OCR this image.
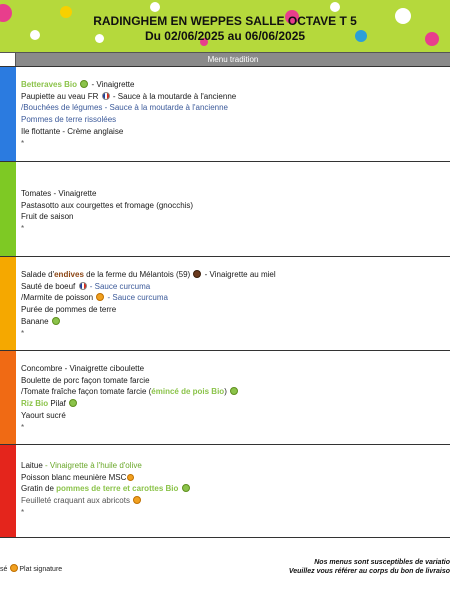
RADINGHEM EN WEPPES SALLE OCTAVE T 5
Du 02/06/2025 au 06/06/2025
Menu tradition
Betteraves Bio  - Vinaigrette
Paupiette au veau FR  - Sauce à la moutarde à l'ancienne
/Bouchées de légumes - Sauce à la moutarde à l'ancienne
Pommes de terre rissolées
Ile flottante - Crème anglaise
*
Tomates - Vinaigrette
Pastasotto aux courgettes et fromage (gnocchis)
Fruit de saison
*
Salade d'endives de la ferme du Mélantois (59)  - Vinaigrette au miel
Sauté de boeuf  - Sauce curcuma
/Marmite de poisson  - Sauce curcuma
Purée de pommes de terre
Banane
*
Concombre - Vinaigrette ciboulette
Boulette de porc façon tomate farcie
/Tomate fraîche façon tomate farcie (émincé de pois Bio)
Riz Bio Pilaf
Yaourt sucré
*
Laitue - Vinaigrette à l'huile d'olive
Poisson blanc meunière MSC
Gratin de pommes de terre et carottes Bio
Feuilleté craquant aux abricots
*
sé Plat signature
Nos menus sont susceptibles de variatio
Veuillez vous référer au corps du bon de livraiso
